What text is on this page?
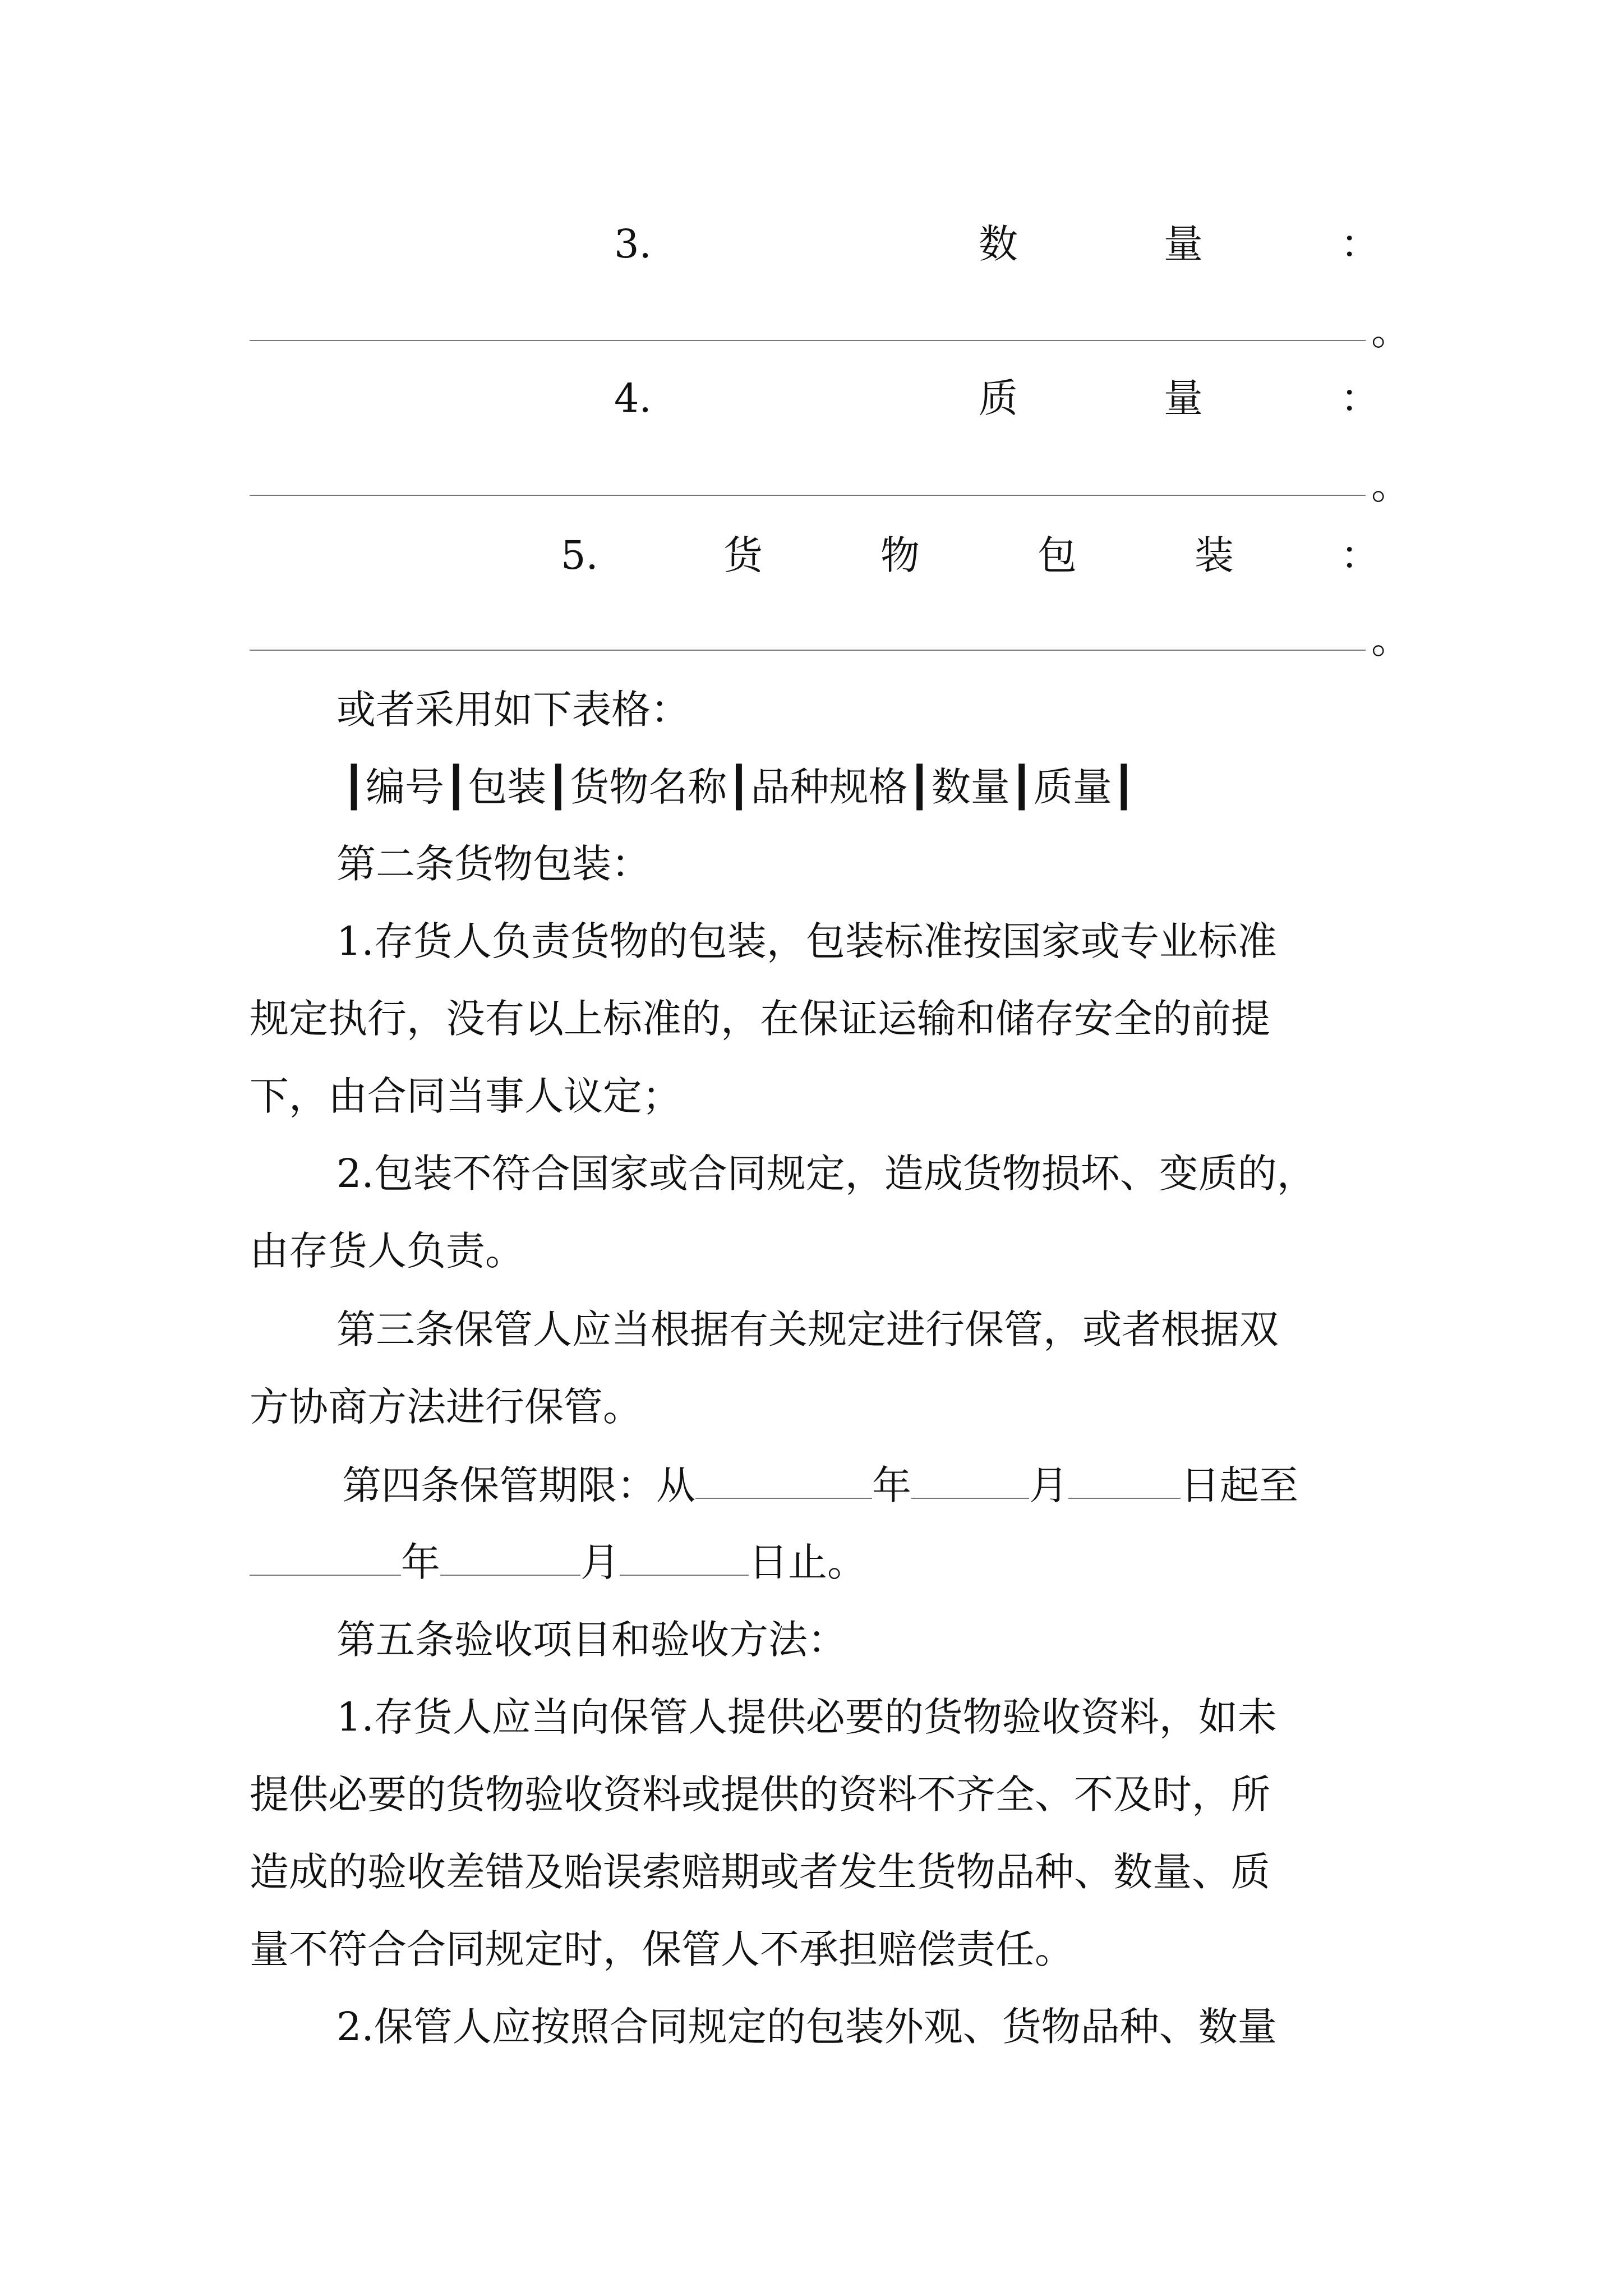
3.	数	量	：
。
4.	质	量	：
。
5.	货	物	包	装	：
。
或者采用如下表格：
┃编号┃包装┃货物名称┃品种规格┃数量┃质量┃

第二条货物包装：

1.存货人负责货物的包装，包装标准按国家或专业标准

规定执行，没有以上标准的，在保证运输和储存安全的前提

下，由合同当事人议定；

2.包装不符合国家或合同规定，造成货物损坏、变质的，

由存货人负责。

第三条保管人应当根据有关规定进行保管，或者根据双

方协商方法进行保管。

第四条保管期限：从	年	月	日起至
年	月	日止。

第五条验收项目和验收方法：

1.存货人应当向保管人提供必要的货物验收资料，如未

提供必要的货物验收资料或提供的资料不齐全、不及时，所

造成的验收差错及贻误索赔期或者发生货物品种、数量、质

量不符合合同规定时，保管人不承担赔偿责任。

2.保管人应按照合同规定的包装外观、货物品种、数量
